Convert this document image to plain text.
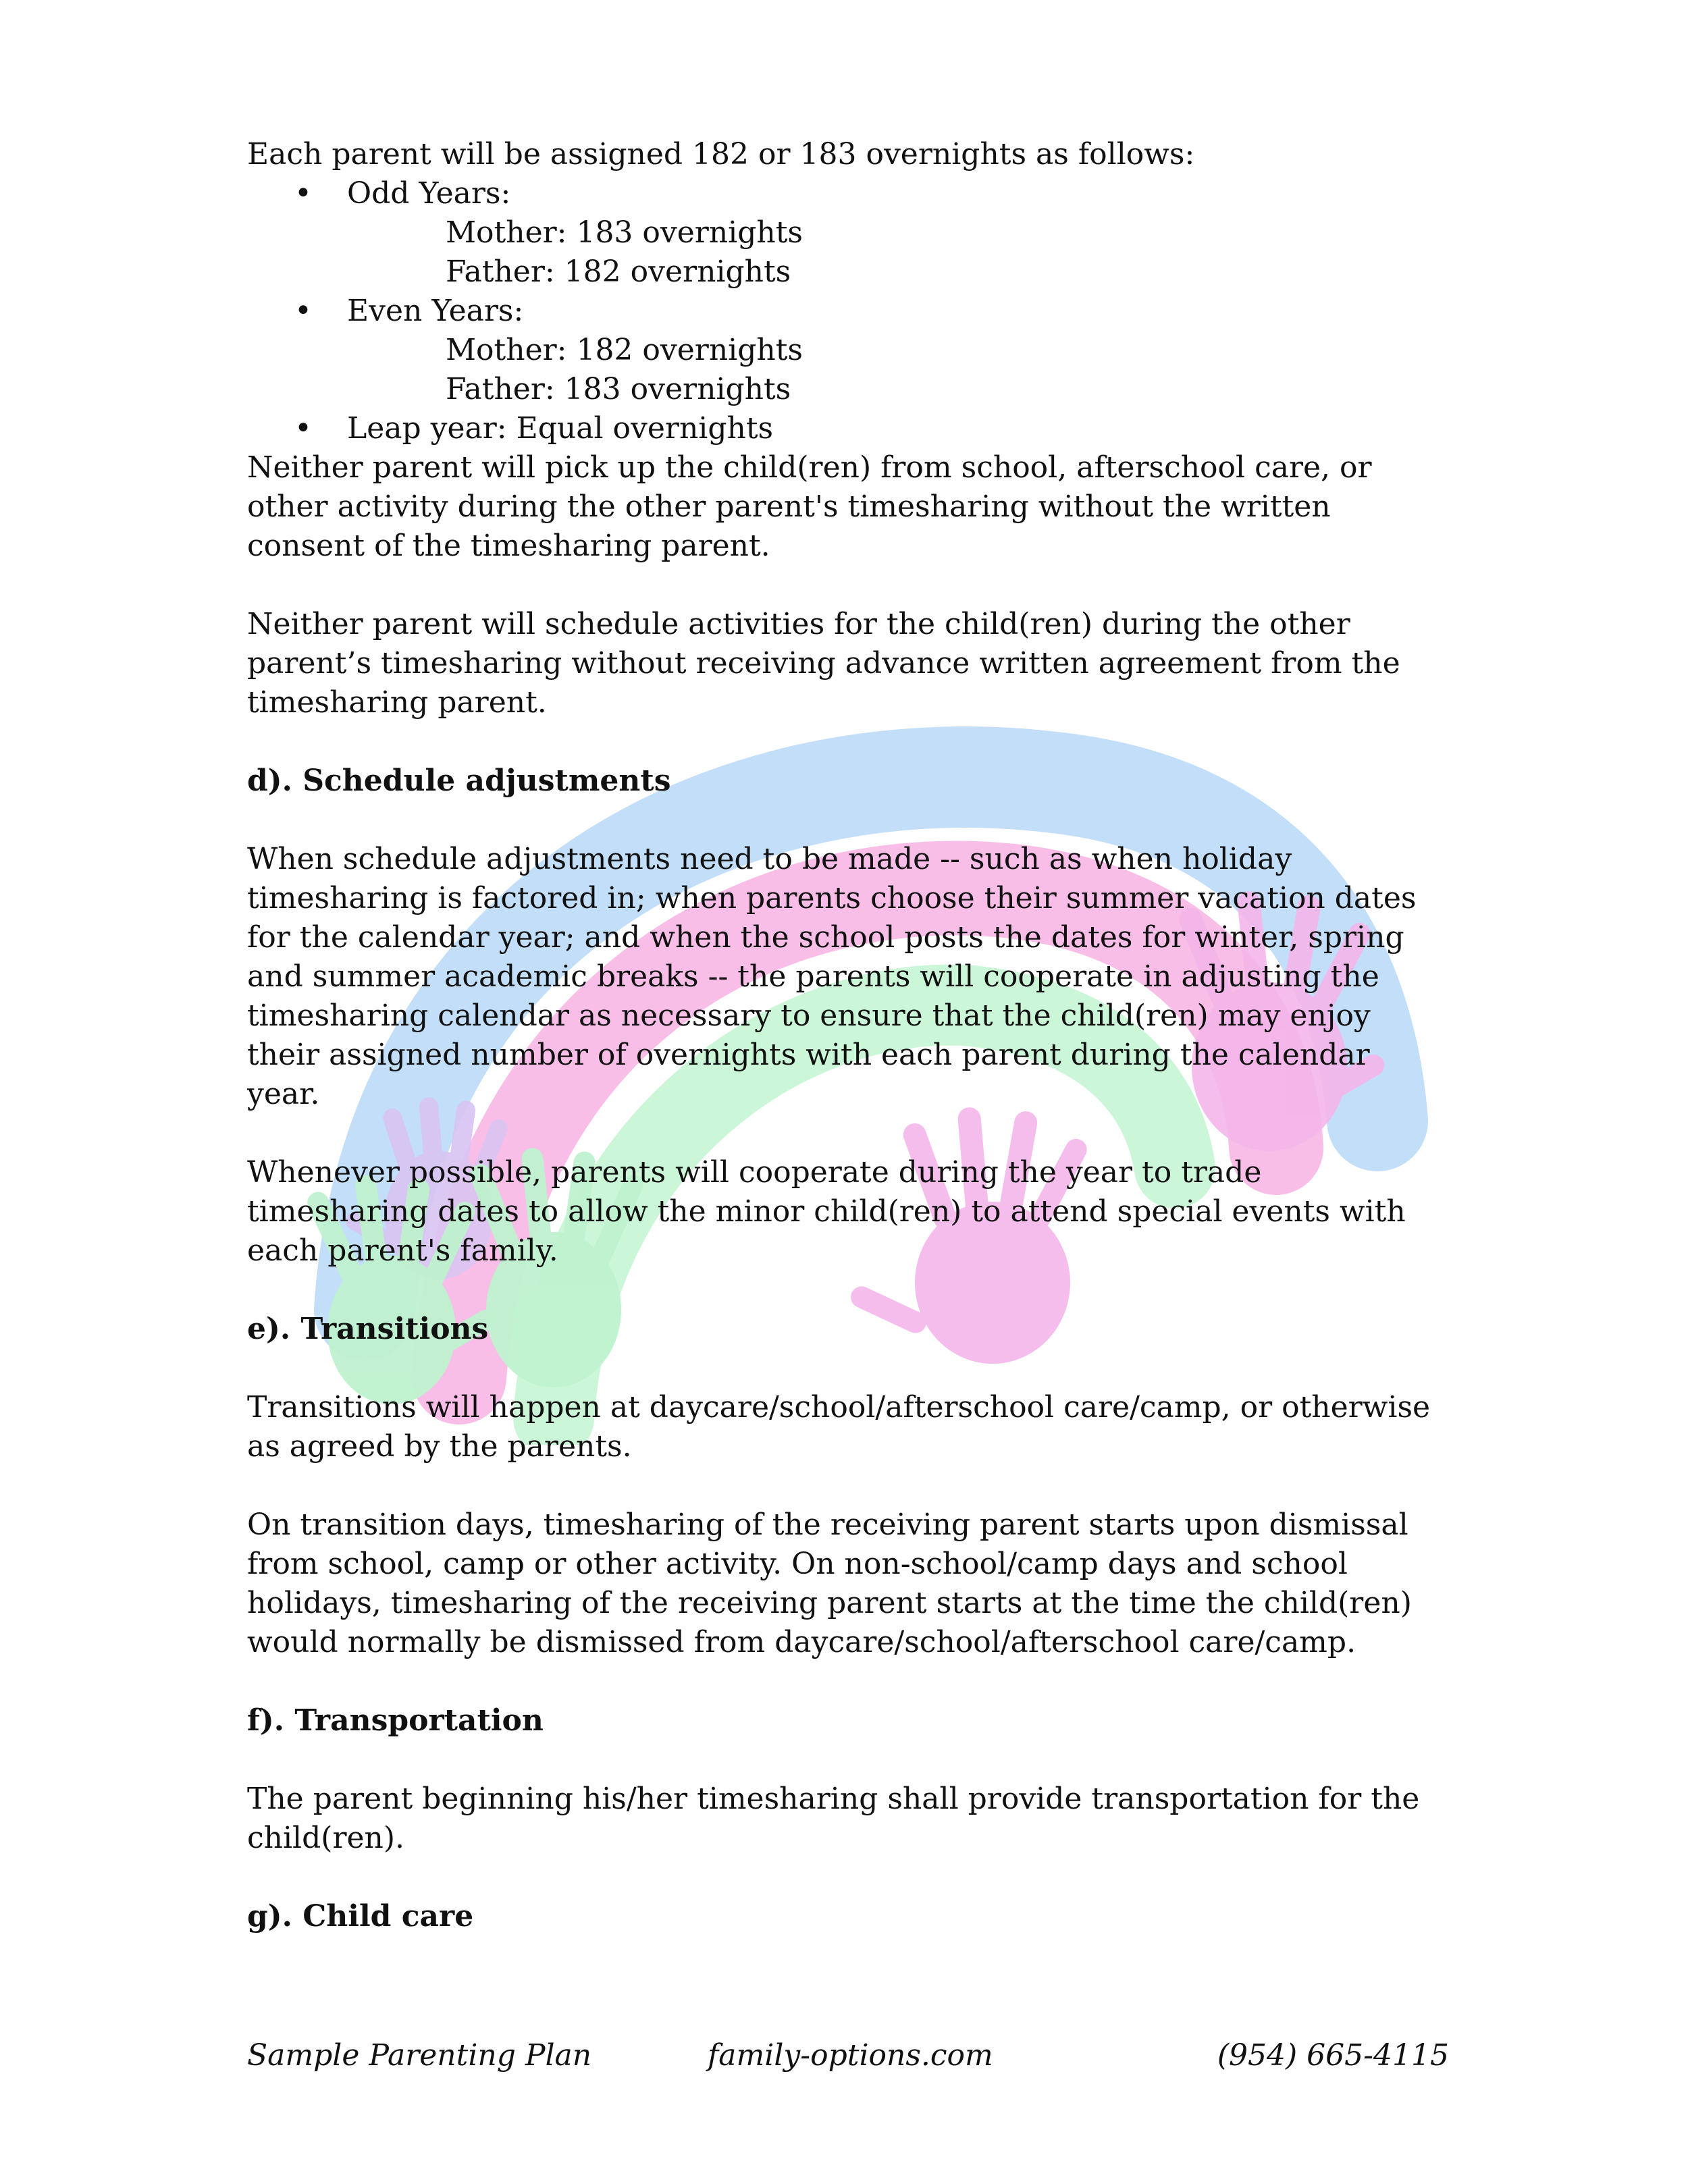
Each parent will be assigned 182 or 183 overnights as follows:

• Odd Years:
Mother: 183 overnights
Father: 182 overnights
• Even Years:
Mother: 182 overnights
Father: 183 overnights
• Leap year: Equal overnights

Neither parent will pick up the child(ren) from school, afterschool care, or other activity during the other parent's timesharing without the written consent of the timesharing parent.

Neither parent will schedule activities for the child(ren) during the other parent’s timesharing without receiving advance written agreement from the timesharing parent.

d). Schedule adjustments

When schedule adjustments need to be made -- such as when holiday timesharing is factored in; when parents choose their summer vacation dates for the calendar year; and when the school posts the dates for winter, spring and summer academic breaks -- the parents will cooperate in adjusting the timesharing calendar as necessary to ensure that the child(ren) may enjoy their assigned number of overnights with each parent during the calendar year.

Whenever possible, parents will cooperate during the year to trade timesharing dates to allow the minor child(ren) to attend special events with each parent's family.

e). Transitions

Transitions will happen at daycare/school/afterschool care/camp, or otherwise as agreed by the parents.

On transition days, timesharing of the receiving parent starts upon dismissal from school, camp or other activity. On non-school/camp days and school holidays, timesharing of the receiving parent starts at the time the child(ren) would normally be dismissed from daycare/school/afterschool care/camp.

f). Transportation

The parent beginning his/her timesharing shall provide transportation for the child(ren).

g). Child care
Sample Parenting Plan	family-options.com	(954) 665-4115
